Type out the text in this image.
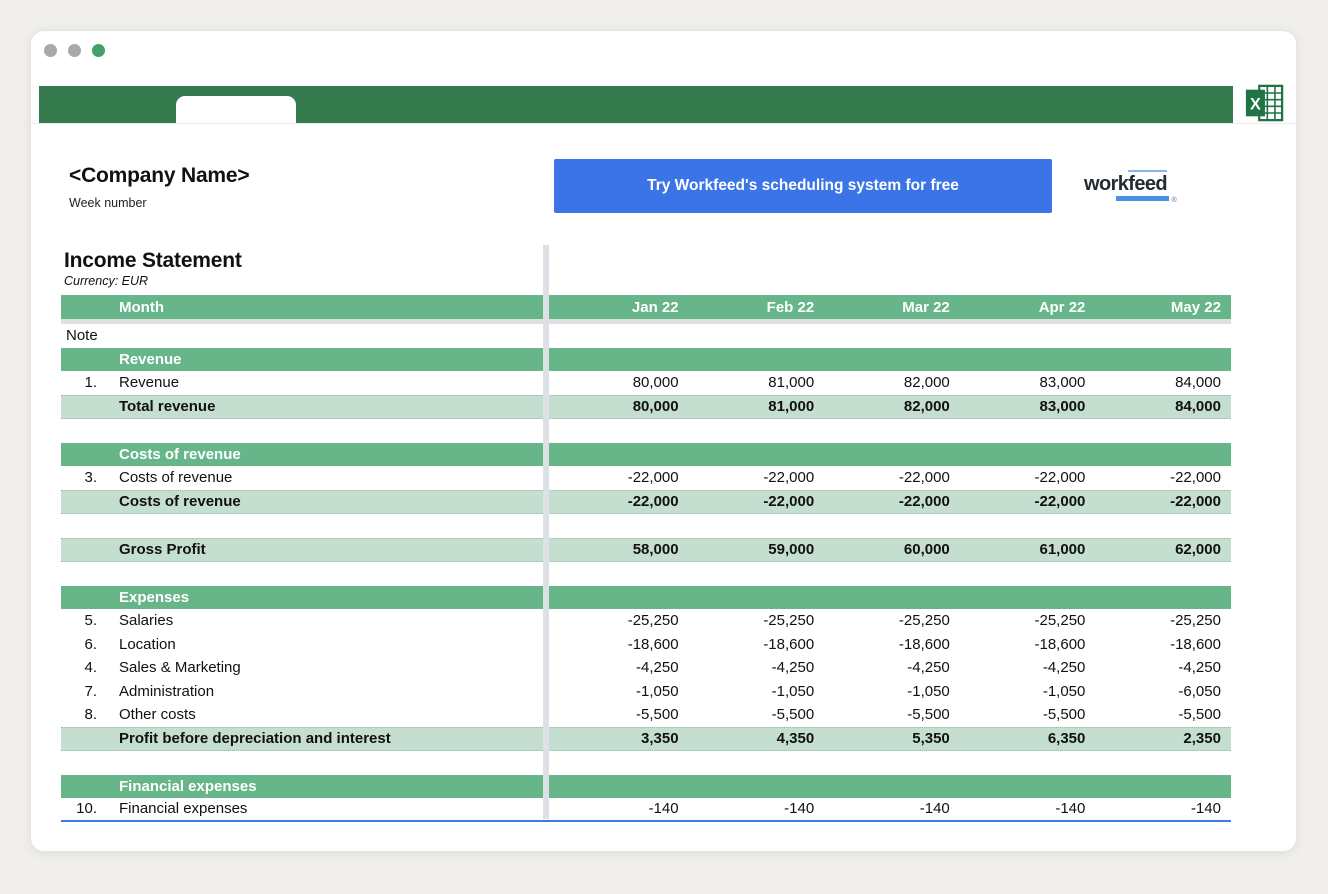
X
<Company Name>
Week number
Try Workfeed's scheduling system for free	workfeed
®
Income Statement
Currency: EUR
Month	Jan 22	Feb 22	Mar 22	Apr 22	May 22
Note
Revenue
1.	Revenue	80,000	81,000	82,000	83,000	84,000
Total revenue	80,000	81,000	82,000	83,000	84,000
Costs of revenue
3.	Costs of revenue	-22,000	-22,000	-22,000	-22,000	-22,000
Costs of revenue	-22,000	-22,000	-22,000	-22,000	-22,000
Gross Profit	58,000	59,000	60,000	61,000	62,000
Expenses
5.	Salaries	-25,250	-25,250	-25,250	-25,250	-25,250
6.	Location	-18,600	-18,600	-18,600	-18,600	-18,600
4.	Sales & Marketing	-4,250	-4,250	-4,250	-4,250	-4,250
7.	Administration	-1,050	-1,050	-1,050	-1,050	-6,050
8.	Other costs	-5,500	-5,500	-5,500	-5,500	-5,500
Profit before depreciation and interest	3,350	4,350	5,350	6,350	2,350
Financial expenses
10.	Financial expenses	-140	-140	-140	-140	-140
